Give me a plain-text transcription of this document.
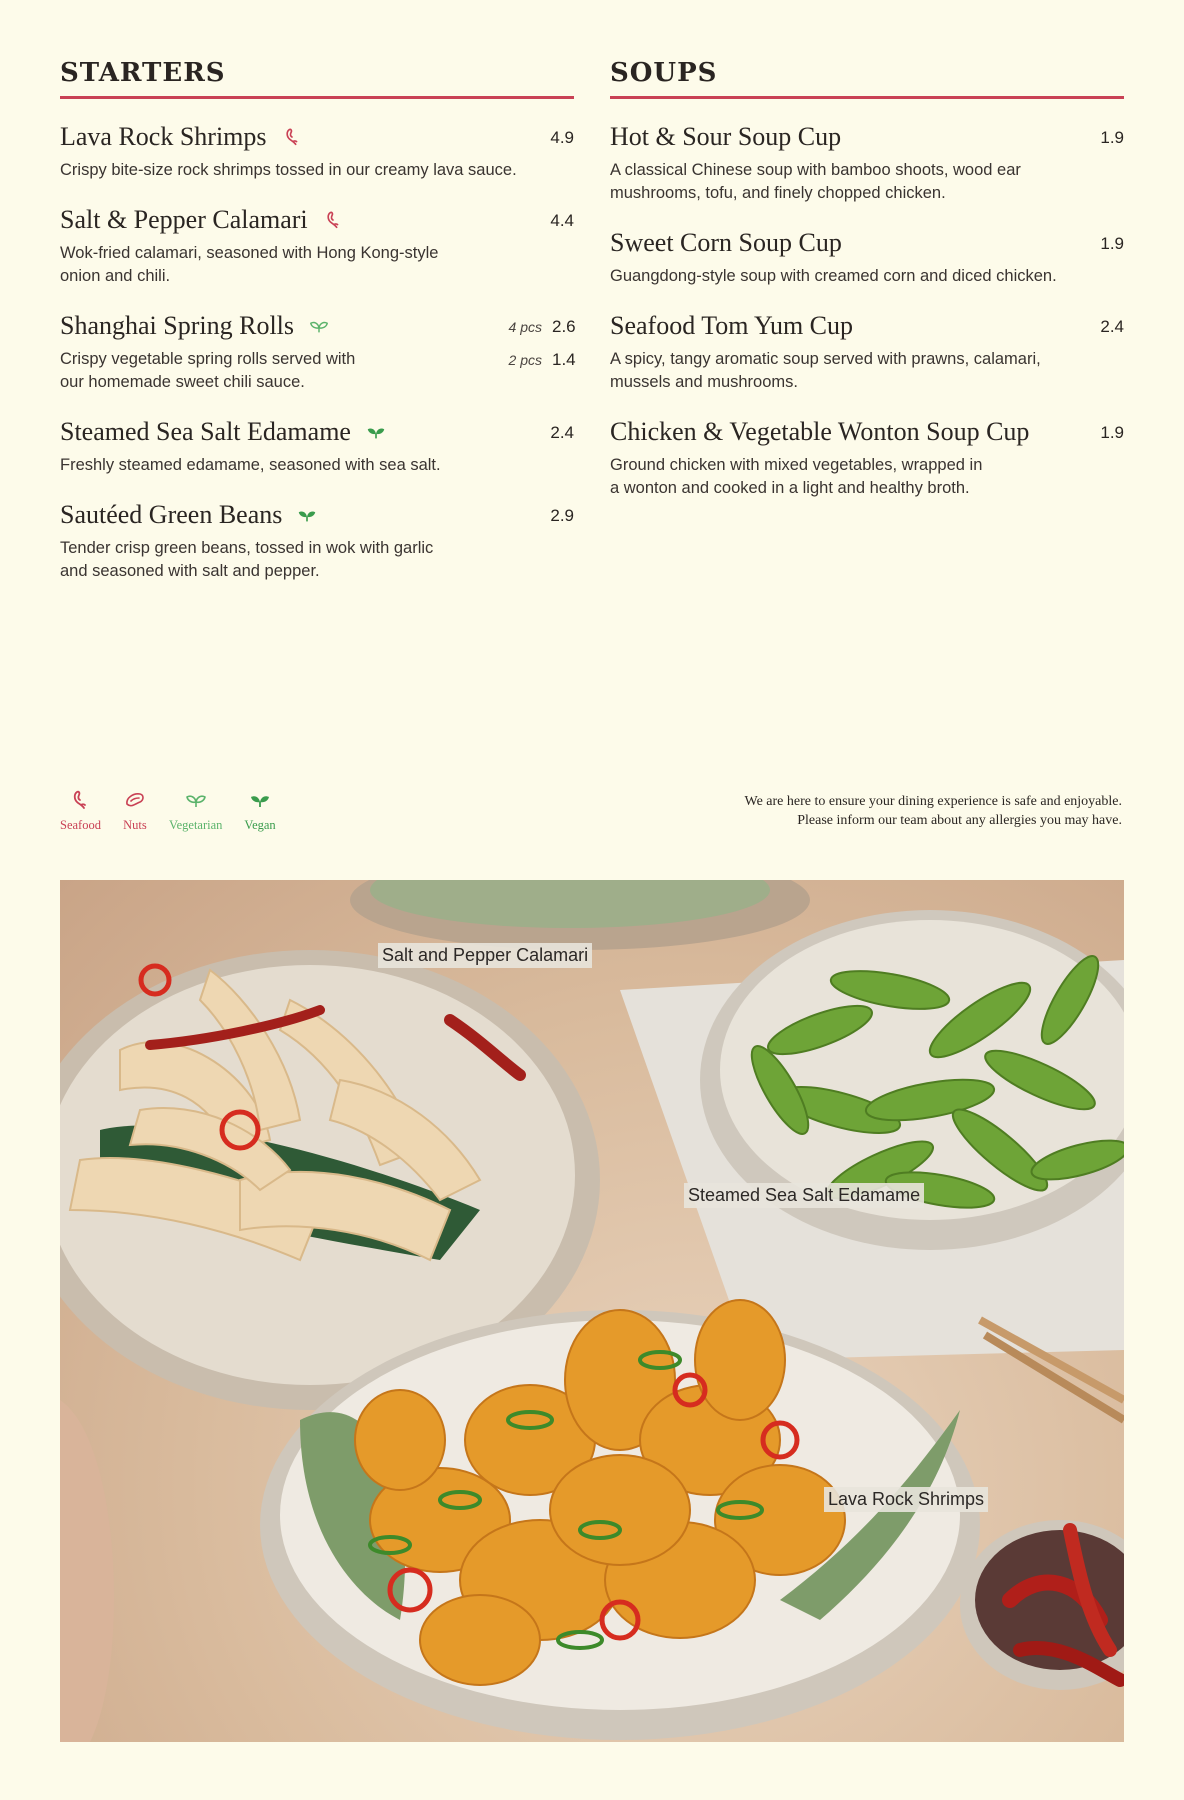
STARTERS
Lava Rock Shrimps	4.9
Crispy bite-size rock shrimps tossed in our creamy lava sauce.
Salt & Pepper Calamari	4.4
Wok-fried calamari, seasoned with Hong Kong-style
onion and chili.
Shanghai Spring Rolls	4 pcs 2.6
2 pcs 1.4
Crispy vegetable spring rolls served with
our homemade sweet chili sauce.
Steamed Sea Salt Edamame	2.4
Freshly steamed edamame, seasoned with sea salt.
Sautéed Green Beans	2.9
Tender crisp green beans, tossed in wok with garlic
and seasoned with salt and pepper.
SOUPS
Hot & Sour Soup Cup	1.9
A classical Chinese soup with bamboo shoots, wood ear
mushrooms, tofu, and finely chopped chicken.
Sweet Corn Soup Cup	1.9
Guangdong-style soup with creamed corn and diced chicken.
Seafood Tom Yum Cup	2.4
A spicy, tangy aromatic soup served with prawns, calamari,
mussels and mushrooms.
Chicken & Vegetable Wonton Soup Cup	1.9
Ground chicken with mixed vegetables, wrapped in
a wonton and cooked in a light and healthy broth.
Seafood Nuts Vegetarian Vegan
We are here to ensure your dining experience is safe and enjoyable.
Please inform our team about any allergies you may have.
Salt and Pepper Calamari
Steamed Sea Salt Edamame
Lava Rock Shrimps
